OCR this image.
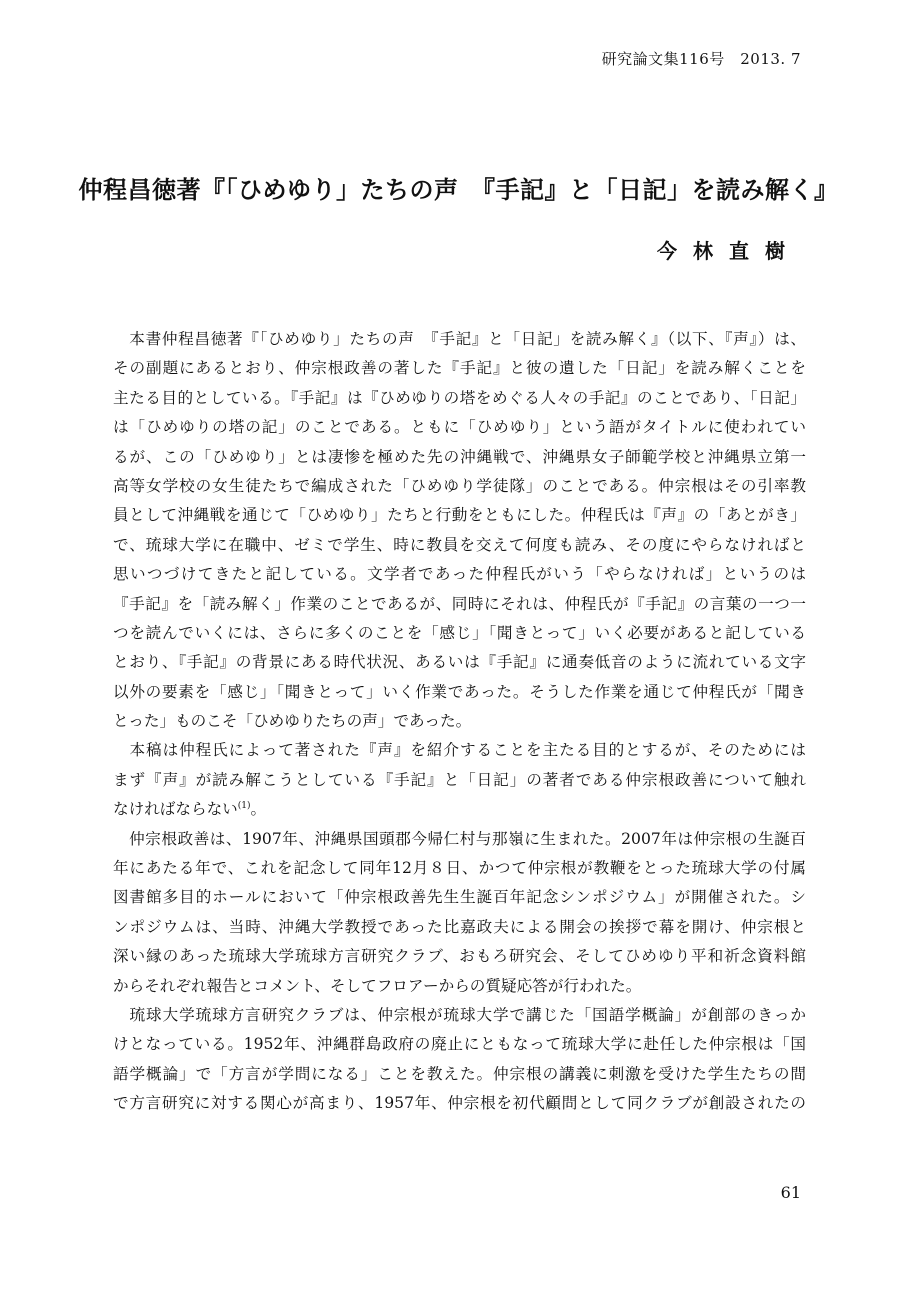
研究論文集116号　2013. 7
仲程昌徳著『「ひめゆり」たちの声　『手記』と「日記」を読み解く』
今林直樹
　本書仲程昌徳著『「ひめゆり」たちの声　『手記』と「日記」を読み解く』（以下、『声』）は、
その副題にあるとおり、仲宗根政善の著した『手記』と彼の遺した「日記」を読み解くことを
主たる目的としている。『手記』は『ひめゆりの塔をめぐる人々の手記』のことであり、「日記」
は「ひめゆりの塔の記」のことである。ともに「ひめゆり」という語がタイトルに使われてい
るが、この「ひめゆり」とは凄惨を極めた先の沖縄戦で、沖縄県女子師範学校と沖縄県立第一
高等女学校の女生徒たちで編成された「ひめゆり学徒隊」のことである。仲宗根はその引率教
員として沖縄戦を通じて「ひめゆり」たちと行動をともにした。仲程氏は『声』の「あとがき」
で、琉球大学に在職中、ゼミで学生、時に教員を交えて何度も読み、その度にやらなければと
思いつづけてきたと記している。文学者であった仲程氏がいう「やらなければ」というのは
『手記』を「読み解く」作業のことであるが、同時にそれは、仲程氏が『手記』の言葉の一つ一
つを読んでいくには、さらに多くのことを「感じ」「聞きとって」いく必要があると記している
とおり、『手記』の背景にある時代状況、あるいは『手記』に通奏低音のように流れている文字
以外の要素を「感じ」「聞きとって」いく作業であった。そうした作業を通じて仲程氏が「聞き
とった」ものこそ「ひめゆりたちの声」であった。
　本稿は仲程氏によって著された『声』を紹介することを主たる目的とするが、そのためには
まず『声』が読み解こうとしている『手記』と「日記」の著者である仲宗根政善について触れ
なければならない$^{(1)}$。
　仲宗根政善は、1907年、沖縄県国頭郡今帰仁村与那嶺に生まれた。2007年は仲宗根の生誕百
年にあたる年で、これを記念して同年12月８日、かつて仲宗根が教鞭をとった琉球大学の付属
図書館多目的ホールにおいて「仲宗根政善先生生誕百年記念シンポジウム」が開催された。シ
ンポジウムは、当時、沖縄大学教授であった比嘉政夫による開会の挨拶で幕を開け、仲宗根と
深い縁のあった琉球大学琉球方言研究クラブ、おもろ研究会、そしてひめゆり平和祈念資料館
からそれぞれ報告とコメント、そしてフロアーからの質疑応答が行われた。
　琉球大学琉球方言研究クラブは、仲宗根が琉球大学で講じた「国語学概論」が創部のきっか
けとなっている。1952年、沖縄群島政府の廃止にともなって琉球大学に赴任した仲宗根は「国
語学概論」で「方言が学問になる」ことを教えた。仲宗根の講義に刺激を受けた学生たちの間
で方言研究に対する関心が高まり、1957年、仲宗根を初代顧問として同クラブが創設されたの
61
